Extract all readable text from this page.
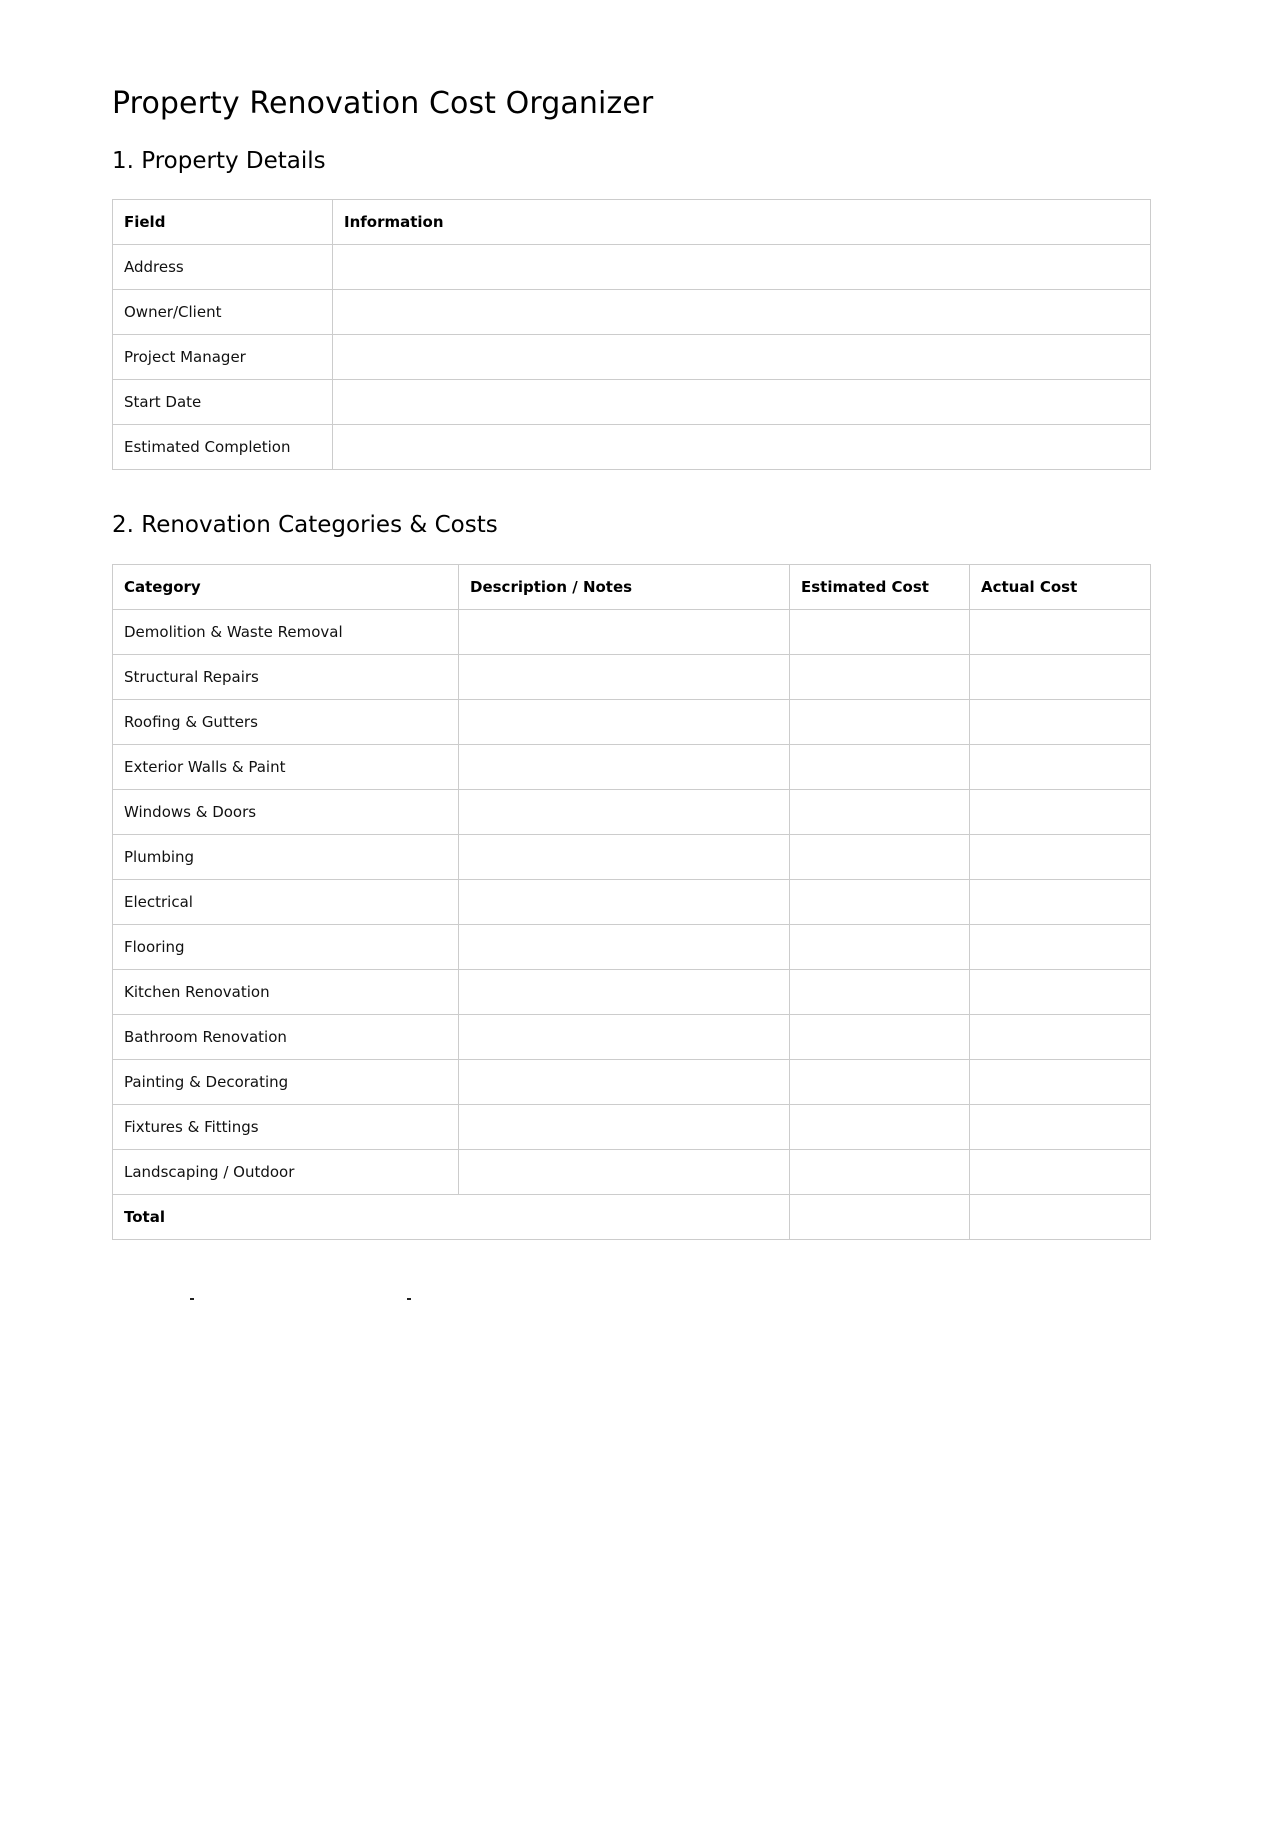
Property Renovation Cost Organizer
1. Property Details
Field	Information
Address	
Owner/Client	
Project Manager	
Start Date	
Estimated Completion	
2. Renovation Categories & Costs
Category	Description / Notes	Estimated Cost	Actual Cost
Demolition & Waste Removal			
Structural Repairs			
Roofing & Gutters			
Exterior Walls & Paint			
Windows & Doors			
Plumbing			
Electrical			
Flooring			
Kitchen Renovation			
Bathroom Renovation			
Painting & Decorating			
Fixtures & Fittings			
Landscaping / Outdoor			
Total			
